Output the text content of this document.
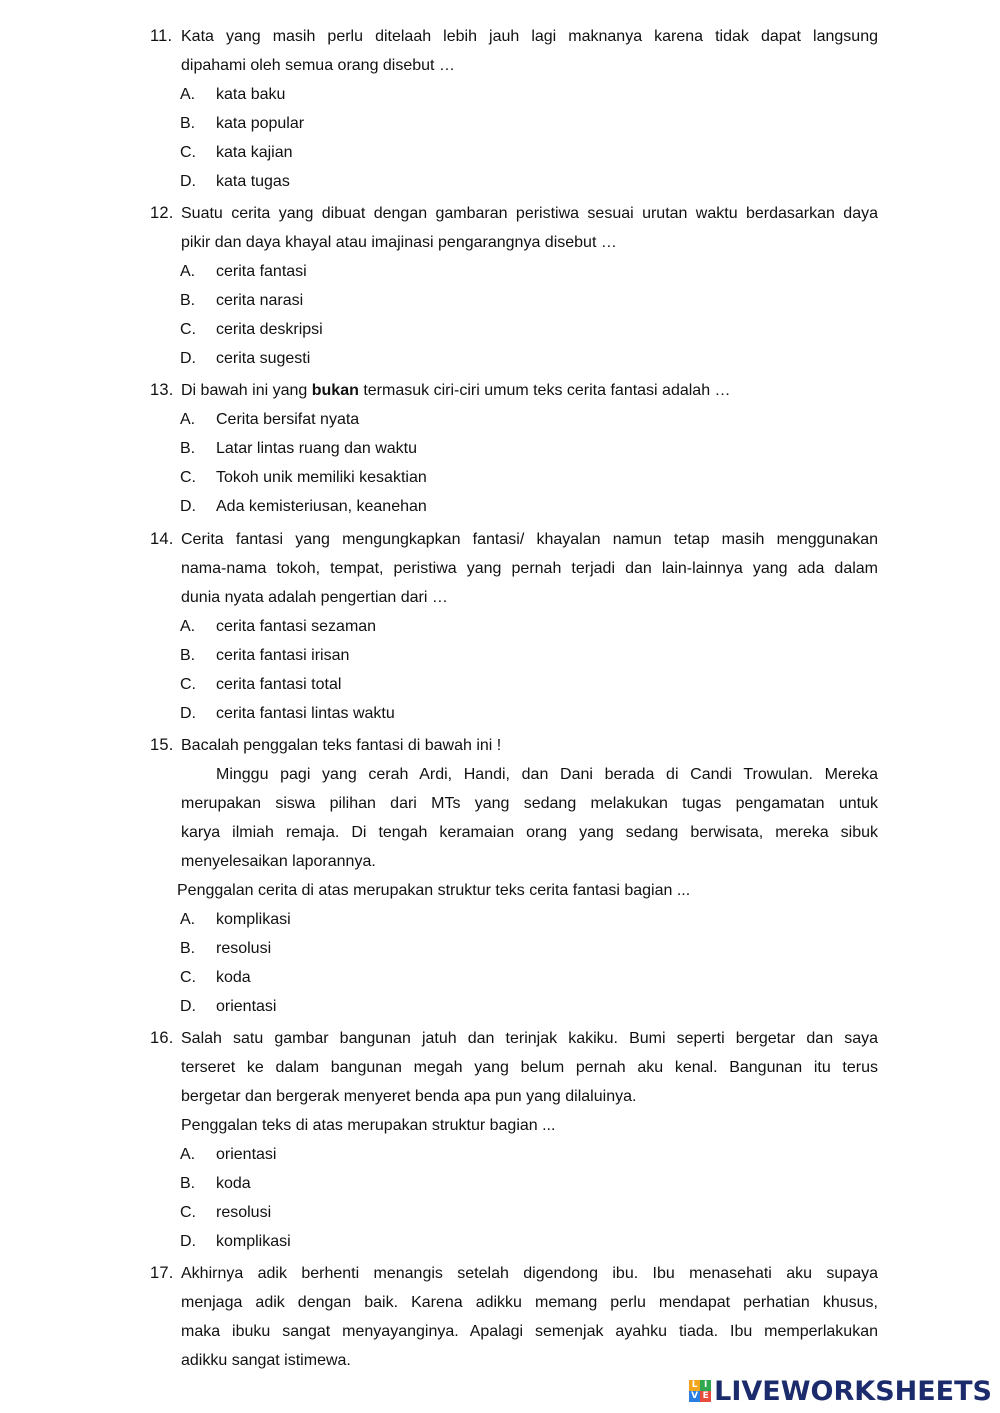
11. Kata yang masih perlu ditelaah lebih jauh lagi maknanya karena tidak dapat langsung
dipahami oleh semua orang disebut …
A. kata baku
B. kata popular
C. kata kajian
D. kata tugas
12. Suatu cerita yang dibuat dengan gambaran peristiwa sesuai urutan waktu berdasarkan daya
pikir dan daya khayal atau imajinasi pengarangnya disebut …
A. cerita fantasi
B. cerita narasi
C. cerita deskripsi
D. cerita sugesti
13. Di bawah ini yang bukan termasuk ciri-ciri umum teks cerita fantasi adalah …
A. Cerita bersifat nyata
B. Latar lintas ruang dan waktu
C. Tokoh unik memiliki kesaktian
D. Ada kemisteriusan, keanehan
14. Cerita fantasi yang mengungkapkan fantasi/ khayalan namun tetap masih menggunakan
nama-nama tokoh, tempat, peristiwa yang pernah terjadi dan lain-lainnya yang ada dalam
dunia nyata adalah pengertian dari …
A. cerita fantasi sezaman
B. cerita fantasi irisan
C. cerita fantasi total
D. cerita fantasi lintas waktu
15. Bacalah penggalan teks fantasi di bawah ini !
Minggu pagi yang cerah Ardi, Handi, dan Dani berada di Candi Trowulan. Mereka
merupakan siswa pilihan dari MTs yang sedang melakukan tugas pengamatan untuk
karya ilmiah remaja. Di tengah keramaian orang yang sedang berwisata, mereka sibuk
menyelesaikan laporannya.
Penggalan cerita di atas merupakan struktur teks cerita fantasi bagian ...
A. komplikasi
B. resolusi
C. koda
D. orientasi
16. Salah satu gambar bangunan jatuh dan terinjak kakiku. Bumi seperti bergetar dan saya
terseret ke dalam bangunan megah yang belum pernah aku kenal. Bangunan itu terus
bergetar dan bergerak menyeret benda apa pun yang dilaluinya.
Penggalan teks di atas merupakan struktur bagian ...
A. orientasi
B. koda
C. resolusi
D. komplikasi
17. Akhirnya adik berhenti menangis setelah digendong ibu. Ibu menasehati aku supaya
menjaga adik dengan baik. Karena adikku memang perlu mendapat perhatian khusus,
maka ibuku sangat menyayanginya. Apalagi semenjak ayahku tiada. Ibu memperlakukan
adikku sangat istimewa.
L I
V E LIVEWORKSHEETS
